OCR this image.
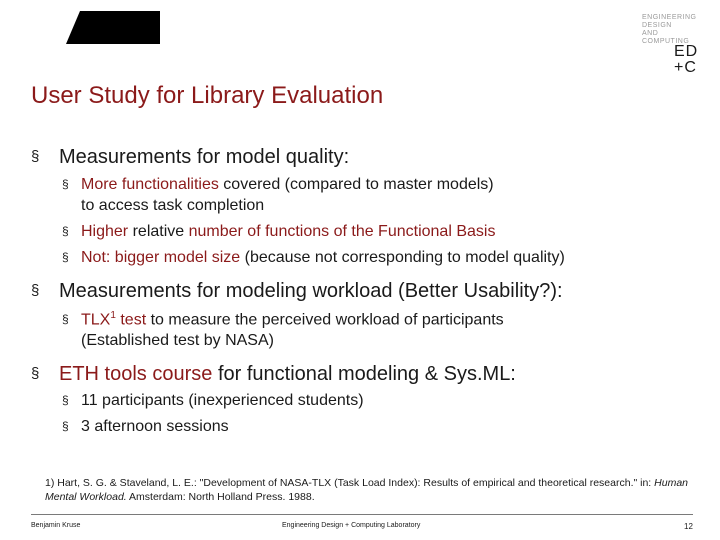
ED

+C

ENGINEERING
DESIGN
AND
COMPUTING
User Study for Library Evaluation
§ Measurements for model quality:
§ More functionalities covered (compared to master models)
to access task completion
§ Higher relative number of functions of the Functional Basis
§ Not: bigger model size (because not corresponding to model quality)
§ Measurements for modeling workload (Better Usability?):
§ TLX$^1$ test to measure the perceived workload of participants
(Established test by NASA)
§ ETH tools course for functional modeling & Sys.ML:
§ 11 participants (inexperienced students)
§ 3 afternoon sessions
1) Hart, S. G. & Staveland, L. E.: "Development of NASA-TLX (Task Load Index): Results of empirical and theoretical research." in: Human Mental Workload. Amsterdam: North Holland Press. 1988.
Benjamin Kruse	Engineering Design + Computing Laboratory	12
